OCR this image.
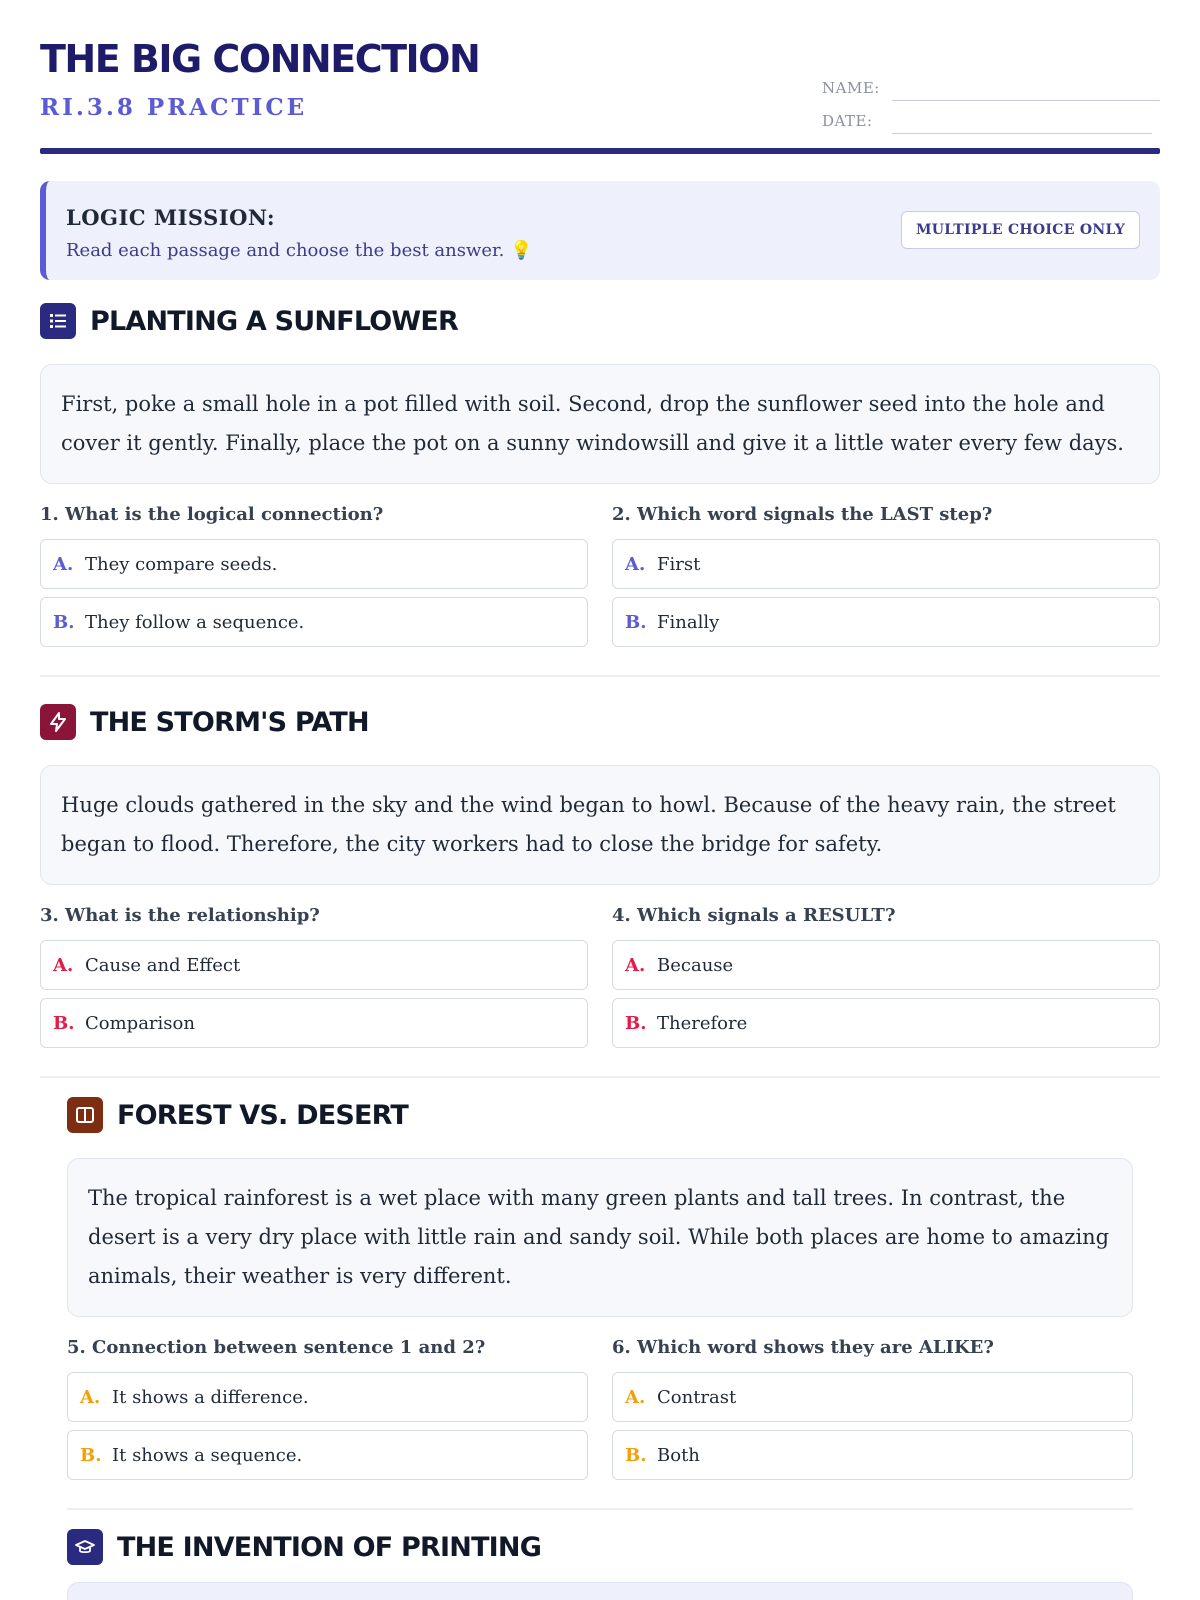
THE BIG CONNECTION
RI.3.8 PRACTICE
NAME:
DATE:
LOGIC MISSION:
Read each passage and choose the best answer. 💡
MULTIPLE CHOICE ONLY
PLANTING A SUNFLOWER
First, poke a small hole in a pot filled with soil. Second, drop the sunflower seed into the hole and cover it gently. Finally, place the pot on a sunny windowsill and give it a little water every few days.
1. What is the logical connection?
A. They compare seeds.
B. They follow a sequence.
2. Which word signals the LAST step?
A. First
B. Finally
THE STORM'S PATH
Huge clouds gathered in the sky and the wind began to howl. Because of the heavy rain, the street began to flood. Therefore, the city workers had to close the bridge for safety.
3. What is the relationship?
A. Cause and Effect
B. Comparison
4. Which signals a RESULT?
A. Because
B. Therefore
FOREST VS. DESERT
The tropical rainforest is a wet place with many green plants and tall trees. In contrast, the desert is a very dry place with little rain and sandy soil. While both places are home to amazing animals, their weather is very different.
5. Connection between sentence 1 and 2?
A. It shows a difference.
B. It shows a sequence.
6. Which word shows they are ALIKE?
A. Contrast
B. Both
THE INVENTION OF PRINTING
